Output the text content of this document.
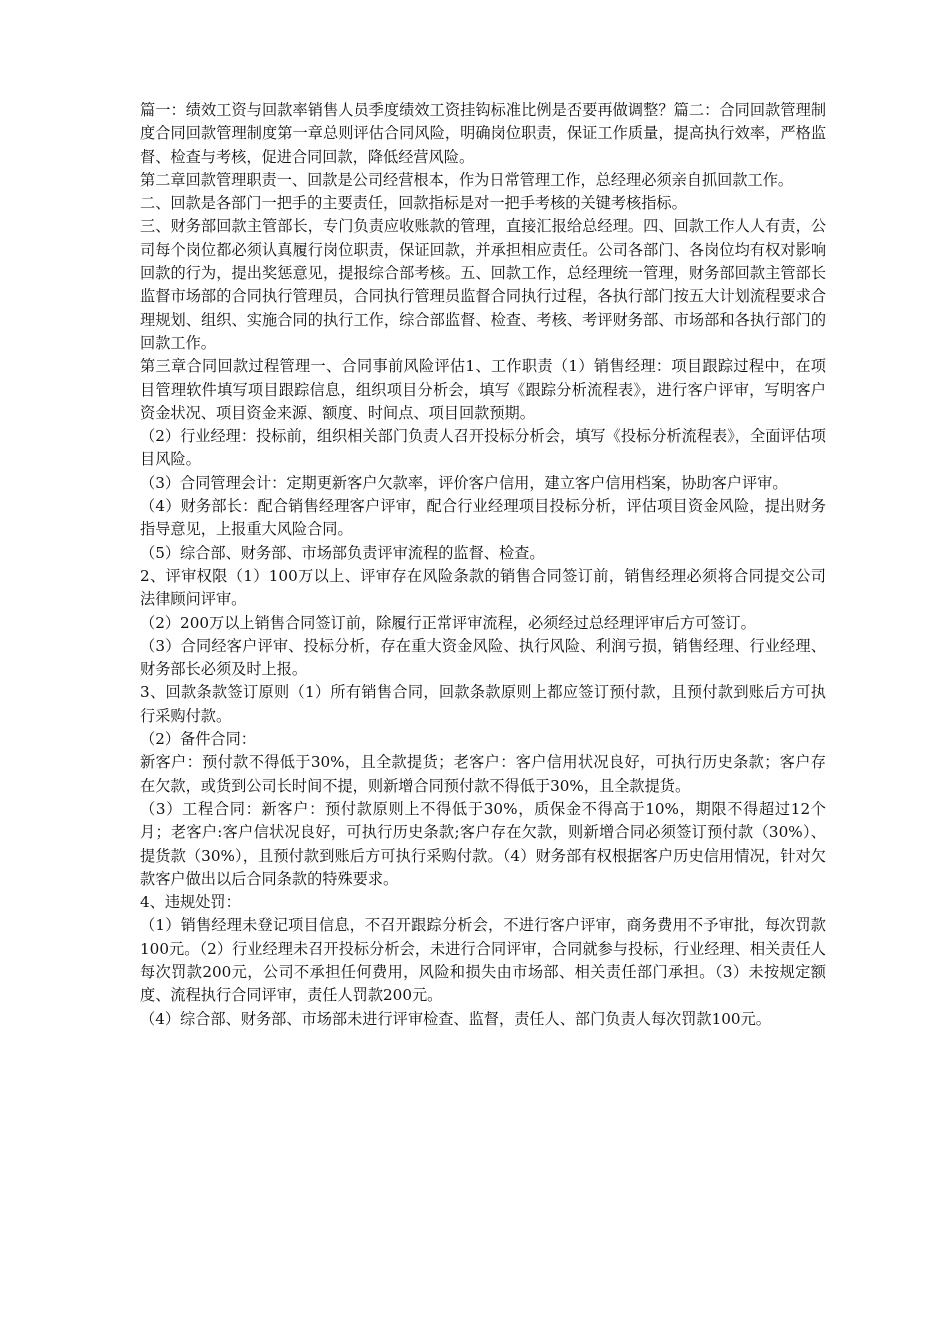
篇一：绩效工资与回款率销售人员季度绩效工资挂钩标准比例是否要再做调整？篇二：合同回款管理制度合同回款管理制度第一章总则评估合同风险，明确岗位职责，保证工作质量，提高执行效率，严格监督、检查与考核，促进合同回款，降低经营风险。

第二章回款管理职责一、回款是公司经营根本，作为日常管理工作，总经理必须亲自抓回款工作。

二、回款是各部门一把手的主要责任，回款指标是对一把手考核的关键考核指标。

三、财务部回款主管部长，专门负责应收账款的管理，直接汇报给总经理。四、回款工作人人有责，公司每个岗位都必须认真履行岗位职责，保证回款，并承担相应责任。公司各部门、各岗位均有权对影响回款的行为，提出奖惩意见，提报综合部考核。五、回款工作，总经理统一管理，财务部回款主管部长监督市场部的合同执行管理员，合同执行管理员监督合同执行过程，各执行部门按五大计划流程要求合理规划、组织、实施合同的执行工作，综合部监督、检查、考核、考评财务部、市场部和各执行部门的回款工作。

第三章合同回款过程管理一、合同事前风险评估1、工作职责（1）销售经理：项目跟踪过程中，在项目管理软件填写项目跟踪信息，组织项目分析会，填写《跟踪分析流程表》，进行客户评审，写明客户资金状况、项目资金来源、额度、时间点、项目回款预期。

（2）行业经理：投标前，组织相关部门负责人召开投标分析会，填写《投标分析流程表》，全面评估项目风险。

（3）合同管理会计：定期更新客户欠款率，评价客户信用，建立客户信用档案，协助客户评审。

（4）财务部长：配合销售经理客户评审，配合行业经理项目投标分析，评估项目资金风险，提出财务指导意见，上报重大风险合同。

（5）综合部、财务部、市场部负责评审流程的监督、检查。

2、评审权限（1）100万以上、评审存在风险条款的销售合同签订前，销售经理必须将合同提交公司法律顾问评审。

（2）200万以上销售合同签订前，除履行正常评审流程，必须经过总经理评审后方可签订。

（3）合同经客户评审、投标分析，存在重大资金风险、执行风险、利润亏损，销售经理、行业经理、财务部长必须及时上报。

3、回款条款签订原则（1）所有销售合同，回款条款原则上都应签订预付款，且预付款到账后方可执行采购付款。

（2）备件合同：

新客户：预付款不得低于30%，且全款提货；老客户：客户信用状况良好，可执行历史条款；客户存在欠款，或货到公司长时间不提，则新增合同预付款不得低于30%，且全款提货。

（3）工程合同：新客户：预付款原则上不得低于30%，质保金不得高于10%，期限不得超过12个月；老客户:客户信状况良好，可执行历史条款;客户存在欠款，则新增合同必须签订预付款（30%）、提货款（30%），且预付款到账后方可执行采购付款。（4）财务部有权根据客户历史信用情况，针对欠款客户做出以后合同条款的特殊要求。

4、违规处罚：

（1）销售经理未登记项目信息，不召开跟踪分析会，不进行客户评审，商务费用不予审批，每次罚款100元。（2）行业经理未召开投标分析会，未进行合同评审，合同就参与投标，行业经理、相关责任人每次罚款200元，公司不承担任何费用，风险和损失由市场部、相关责任部门承担。（3）未按规定额度、流程执行合同评审，责任人罚款200元。

（4）综合部、财务部、市场部未进行评审检查、监督，责任人、部门负责人每次罚款100元。
